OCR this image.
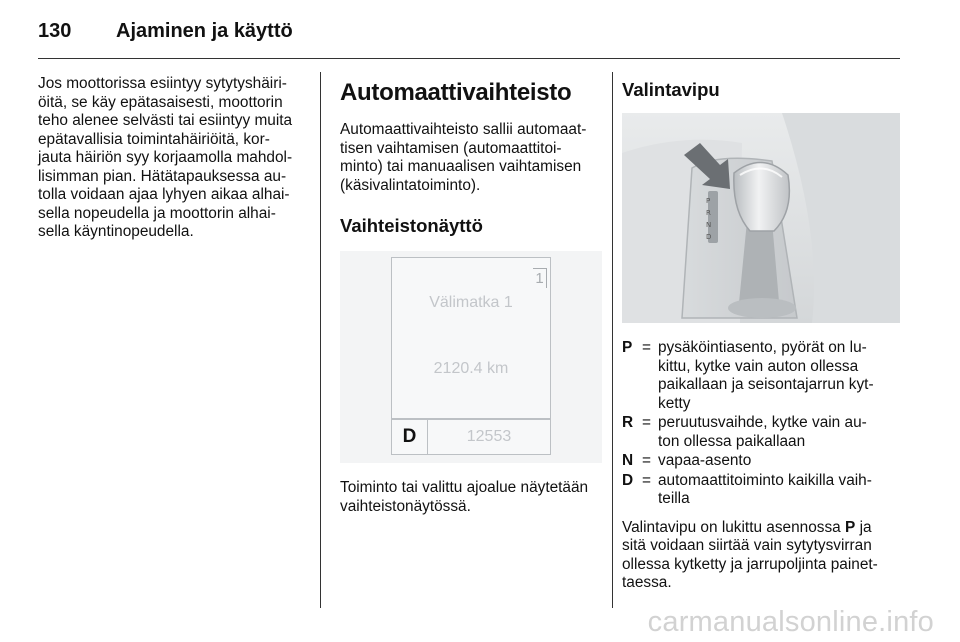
130 Ajaminen ja käyttö

Jos moottorissa esiintyy sytytyshäiri-
öitä, se käy epätasaisesti, moottorin
teho alenee selvästi tai esiintyy muita
epätavallisia toimintahäiriöitä, kor-
jauta häiriön syy korjaamolla mahdol-
lisimman pian. Hätätapauksessa au-
tolla voidaan ajaa lyhyen aikaa alhai-
sella nopeudella ja moottorin alhai-
sella käyntinopeudella.

Automaattivaihteisto

Automaattivaihteisto sallii automaat-
tisen vaihtamisen (automaattitoi-
minto) tai manuaalisen vaihtamisen
(käsivalintatoiminto).

Vaihteistonäyttö

1
Välimatka 1
2120.4 km
D	12553

Toiminto tai valittu ajoalue näytetään
vaihteistonäytössä.

Valintavipu

P
R
N
D
P = pysäköintiasento, pyörät on lu-
kittu, kytke vain auton ollessa
paikallaan ja seisontajarrun kyt-
ketty
R = peruutusvaihde, kytke vain au-
ton ollessa paikallaan
N = vapaa-asento
D = automaattitoiminto kaikilla vaih-
teilla

Valintavipu on lukittu asennossa P ja
sitä voidaan siirtää vain sytytysvirran
ollessa kytketty ja jarrupoljinta painet-
taessa.

carmanualsonline.info
